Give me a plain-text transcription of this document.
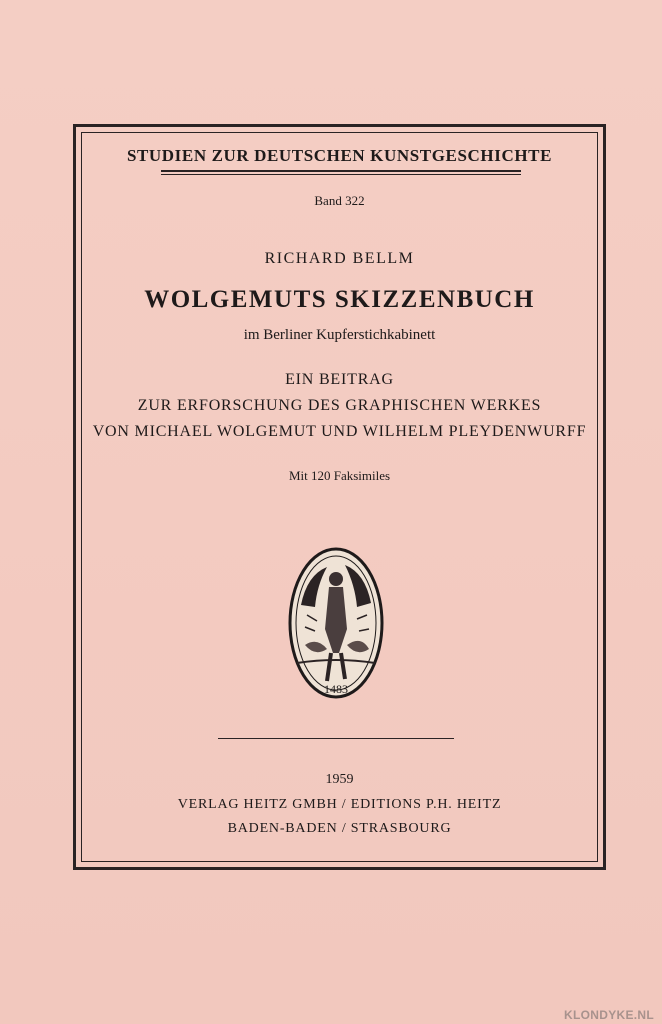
STUDIEN ZUR DEUTSCHEN KUNSTGESCHICHTE
Band 322
RICHARD BELLM
WOLGEMUTS SKIZZENBUCH
im Berliner Kupferstichkabinett
EIN BEITRAG
ZUR ERFORSCHUNG DES GRAPHISCHEN WERKES
VON MICHAEL WOLGEMUT UND WILHELM PLEYDENWURFF
Mit 120 Faksimiles
1483
1959
VERLAG HEITZ GMBH / EDITIONS P.H. HEITZ
BADEN-BADEN / STRASBOURG
KLONDYKE.NL
